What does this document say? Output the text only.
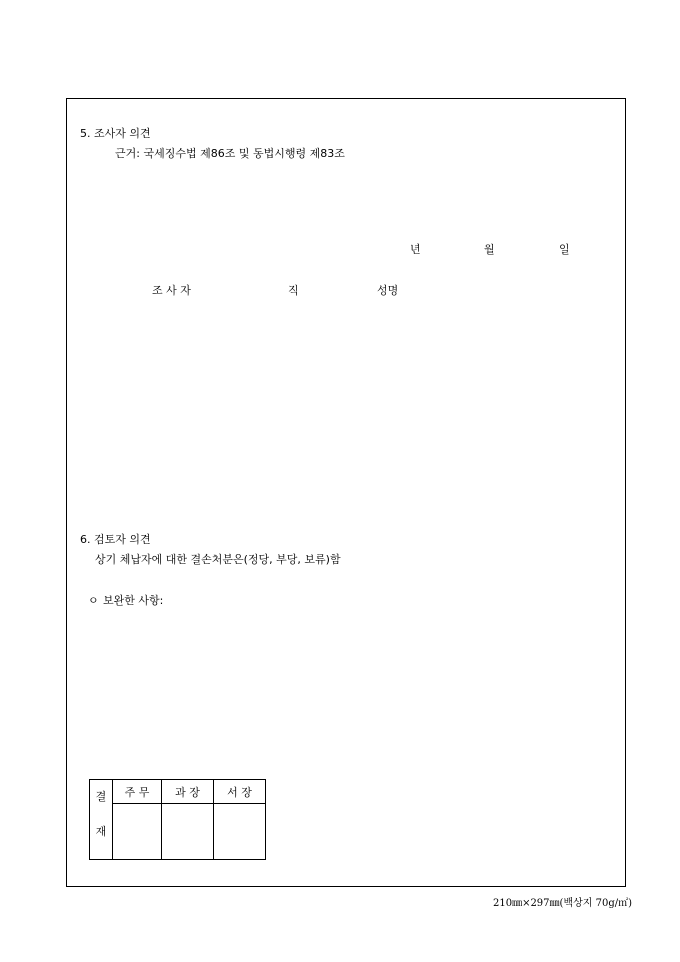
5. 조사자 의견
근거: 국세징수법 제86조 및 동법시행령 제83조
년	월	일
조 사 자	직	성명
6. 검토자 의견
상기 체납자에 대한 결손처분은(정당, 부당, 보류)함
ㅇ 보완한 사항:
결	주 무	과 장	서 장
재			
210㎜×297㎜(백상지 70g/㎡)
